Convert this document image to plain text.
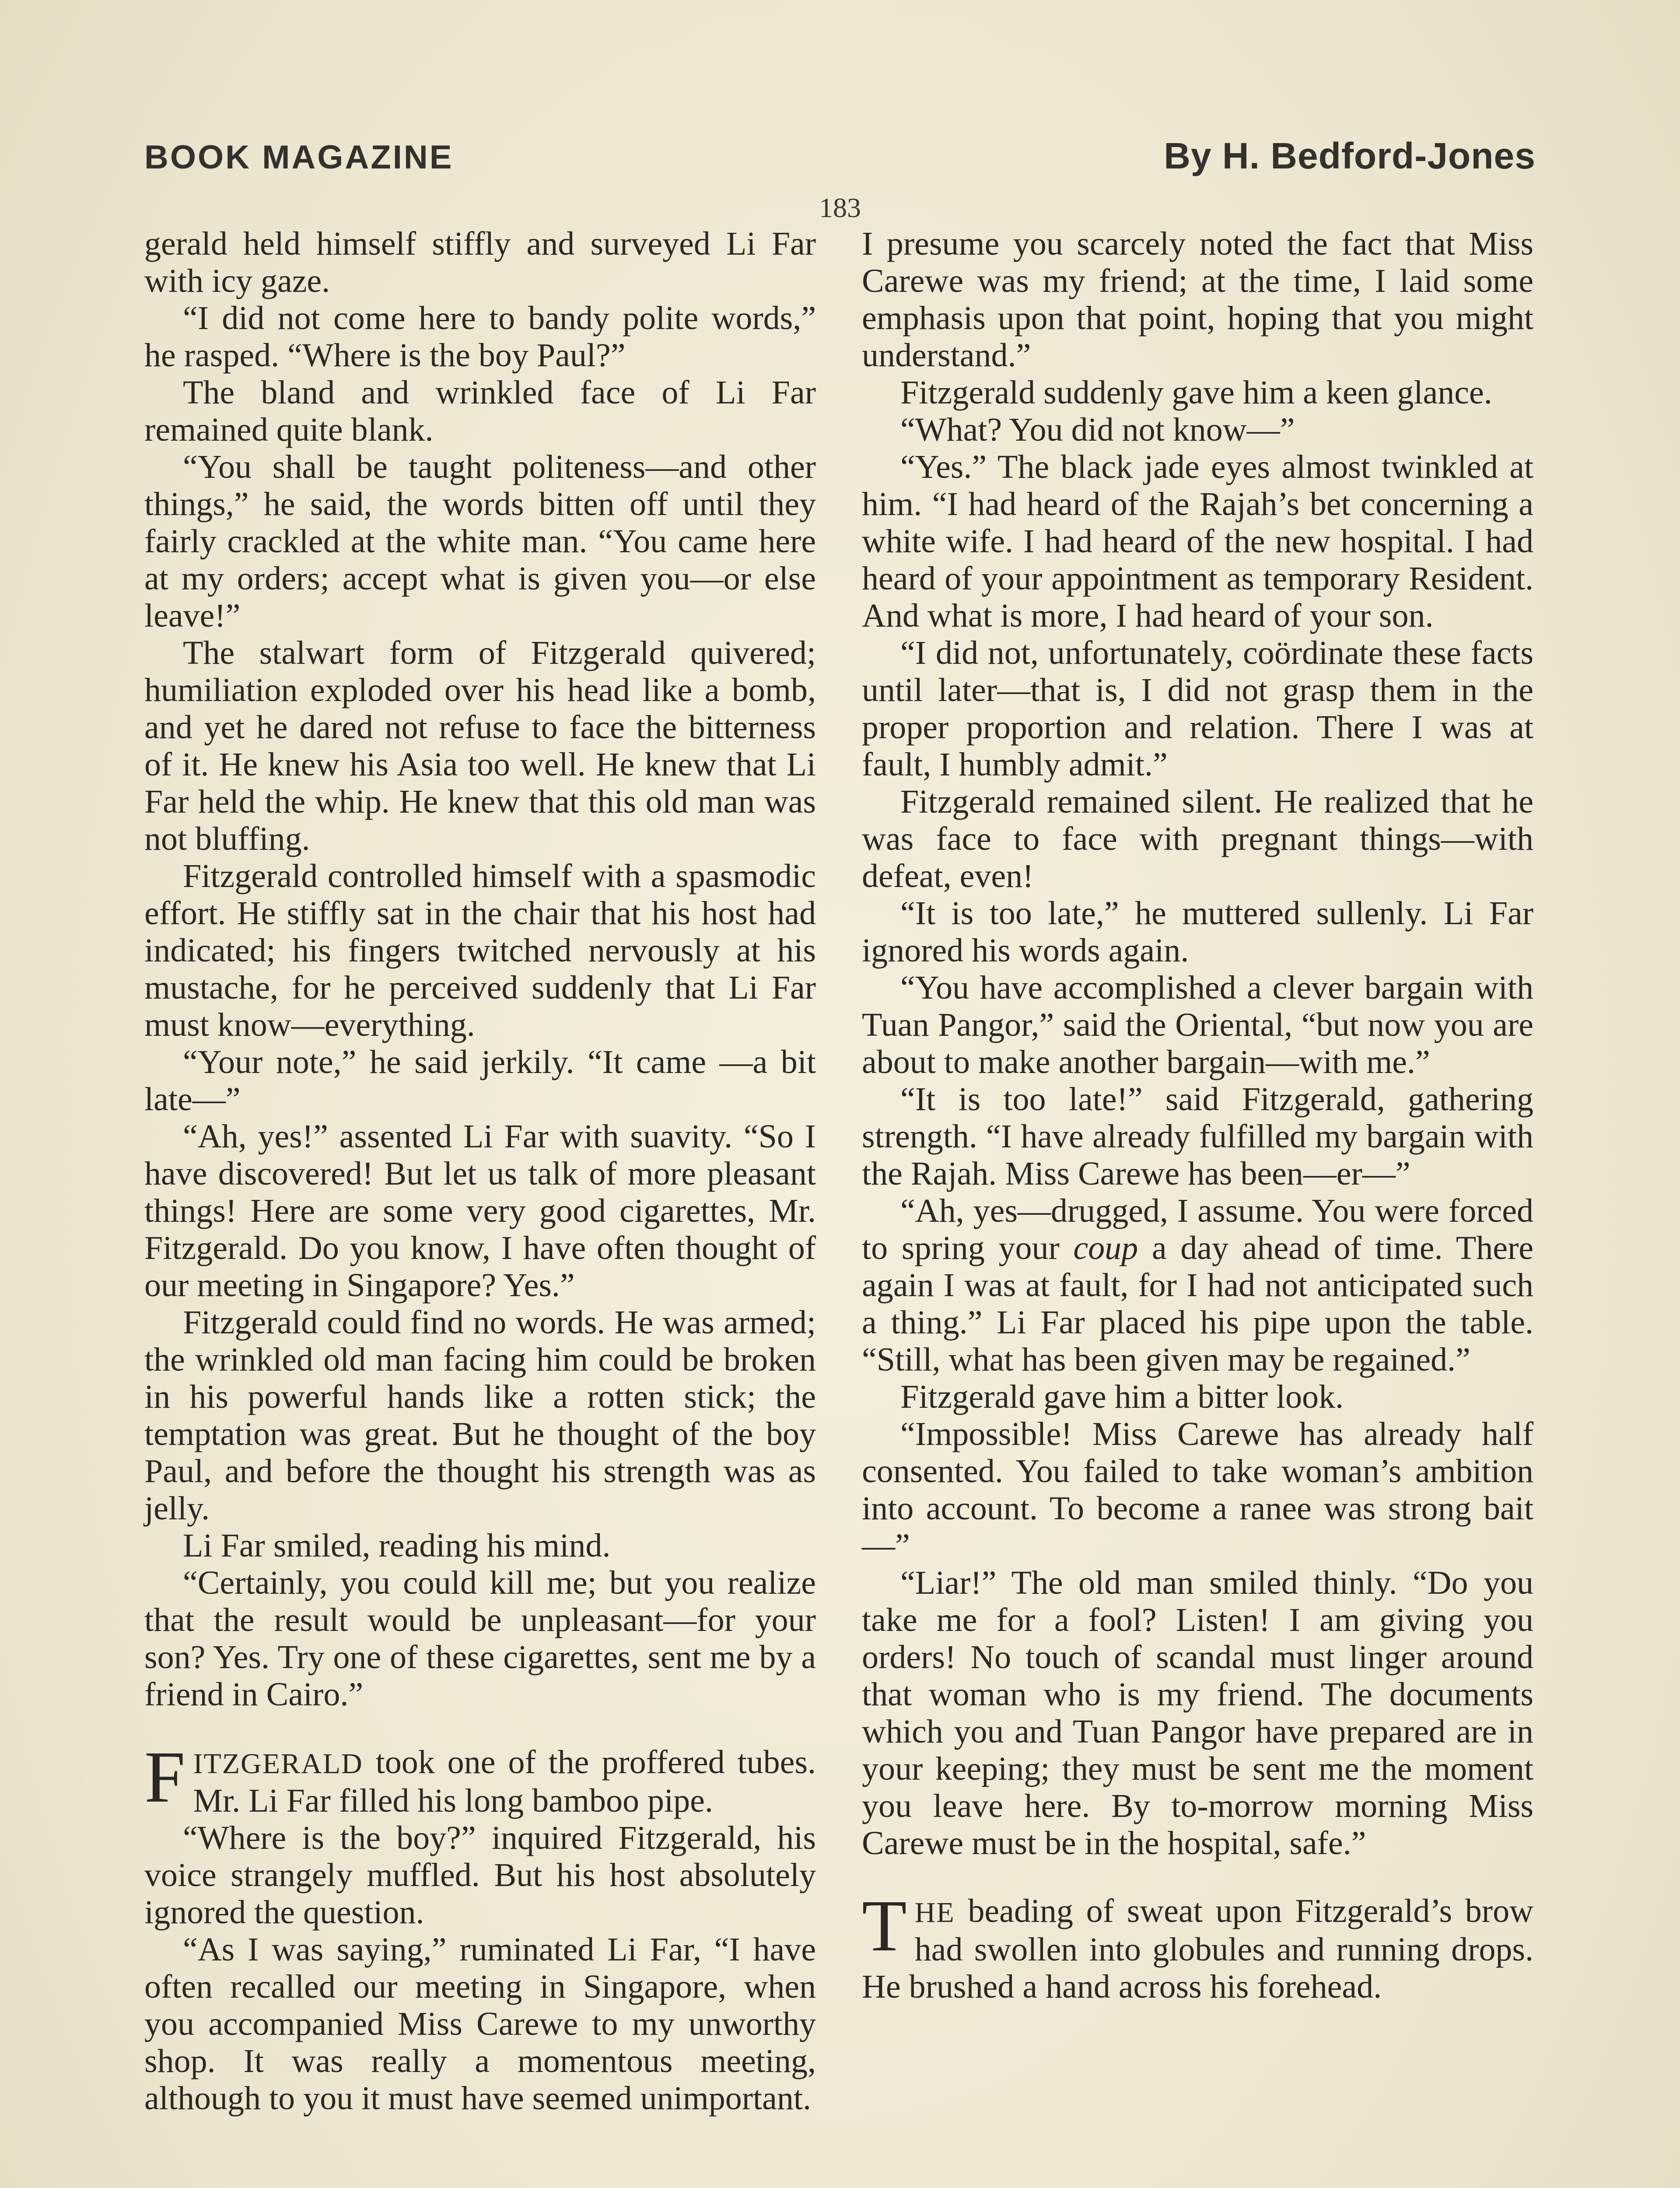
BOOK MAGAZINE	By H. Bedford-Jones
183

gerald held himself stiffly and surveyed Li Far with icy gaze.

“I did not come here to bandy polite words,” he rasped. “Where is the boy Paul?”

The bland and wrinkled face of Li Far remained quite blank.

“You shall be taught politeness—and other things,” he said, the words bitten off until they fairly crackled at the white man. “You came here at my orders; accept what is given you—or else leave!”

The stalwart form of Fitzgerald quivered; humiliation exploded over his head like a bomb, and yet he dared not refuse to face the bitterness of it. He knew his Asia too well. He knew that Li Far held the whip. He knew that this old man was not bluffing.

Fitzgerald controlled himself with a spasmodic effort. He stiffly sat in the chair that his host had indicated; his fingers twitched nervously at his mustache, for he perceived suddenly that Li Far must know—everything.

“Your note,” he said jerkily. “It came —a bit late—”

“Ah, yes!” assented Li Far with suavity. “So I have discovered! But let us talk of more pleasant things! Here are some very good cigarettes, Mr. Fitzgerald. Do you know, I have often thought of our meeting in Singapore? Yes.”

Fitzgerald could find no words. He was armed; the wrinkled old man facing him could be broken in his powerful hands like a rotten stick; the temptation was great. But he thought of the boy Paul, and before the thought his strength was as jelly.

Li Far smiled, reading his mind.

“Certainly, you could kill me; but you realize that the result would be unpleasant—for your son? Yes. Try one of these cigarettes, sent me by a friend in Cairo.”

FITZGERALD took one of the proffered tubes. Mr. Li Far filled his long bamboo pipe.

“Where is the boy?” inquired Fitzgerald, his voice strangely muffled. But his host absolutely ignored the question.

“As I was saying,” ruminated Li Far, “I have often recalled our meeting in Singapore, when you accompanied Miss Carewe to my unworthy shop. It was really a momentous meeting, although to you it must have seemed unimportant.

I presume you scarcely noted the fact that Miss Carewe was my friend; at the time, I laid some emphasis upon that point, hoping that you might understand.”

Fitzgerald suddenly gave him a keen glance.

“What? You did not know—”

“Yes.” The black jade eyes almost twinkled at him. “I had heard of the Rajah’s bet concerning a white wife. I had heard of the new hospital. I had heard of your appointment as temporary Resident. And what is more, I had heard of your son.

“I did not, unfortunately, coördinate these facts until later—that is, I did not grasp them in the proper proportion and relation. There I was at fault, I humbly admit.”

Fitzgerald remained silent. He realized that he was face to face with pregnant things—with defeat, even!

“It is too late,” he muttered sullenly. Li Far ignored his words again.

“You have accomplished a clever bargain with Tuan Pangor,” said the Oriental, “but now you are about to make another bargain—with me.”

“It is too late!” said Fitzgerald, gathering strength. “I have already fulfilled my bargain with the Rajah. Miss Carewe has been—er—”

“Ah, yes—drugged, I assume. You were forced to spring your coup a day ahead of time. There again I was at fault, for I had not anticipated such a thing.” Li Far placed his pipe upon the table. “Still, what has been given may be regained.”

Fitzgerald gave him a bitter look.

“Impossible! Miss Carewe has already half consented. You failed to take woman’s ambition into account. To become a ranee was strong bait—”

“Liar!” The old man smiled thinly. “Do you take me for a fool? Listen! I am giving you orders! No touch of scandal must linger around that woman who is my friend. The documents which you and Tuan Pangor have prepared are in your keeping; they must be sent me the moment you leave here. By to-morrow morning Miss Carewe must be in the hospital, safe.”

THE beading of sweat upon Fitzgerald’s brow had swollen into globules and running drops. He brushed a hand across his forehead.
